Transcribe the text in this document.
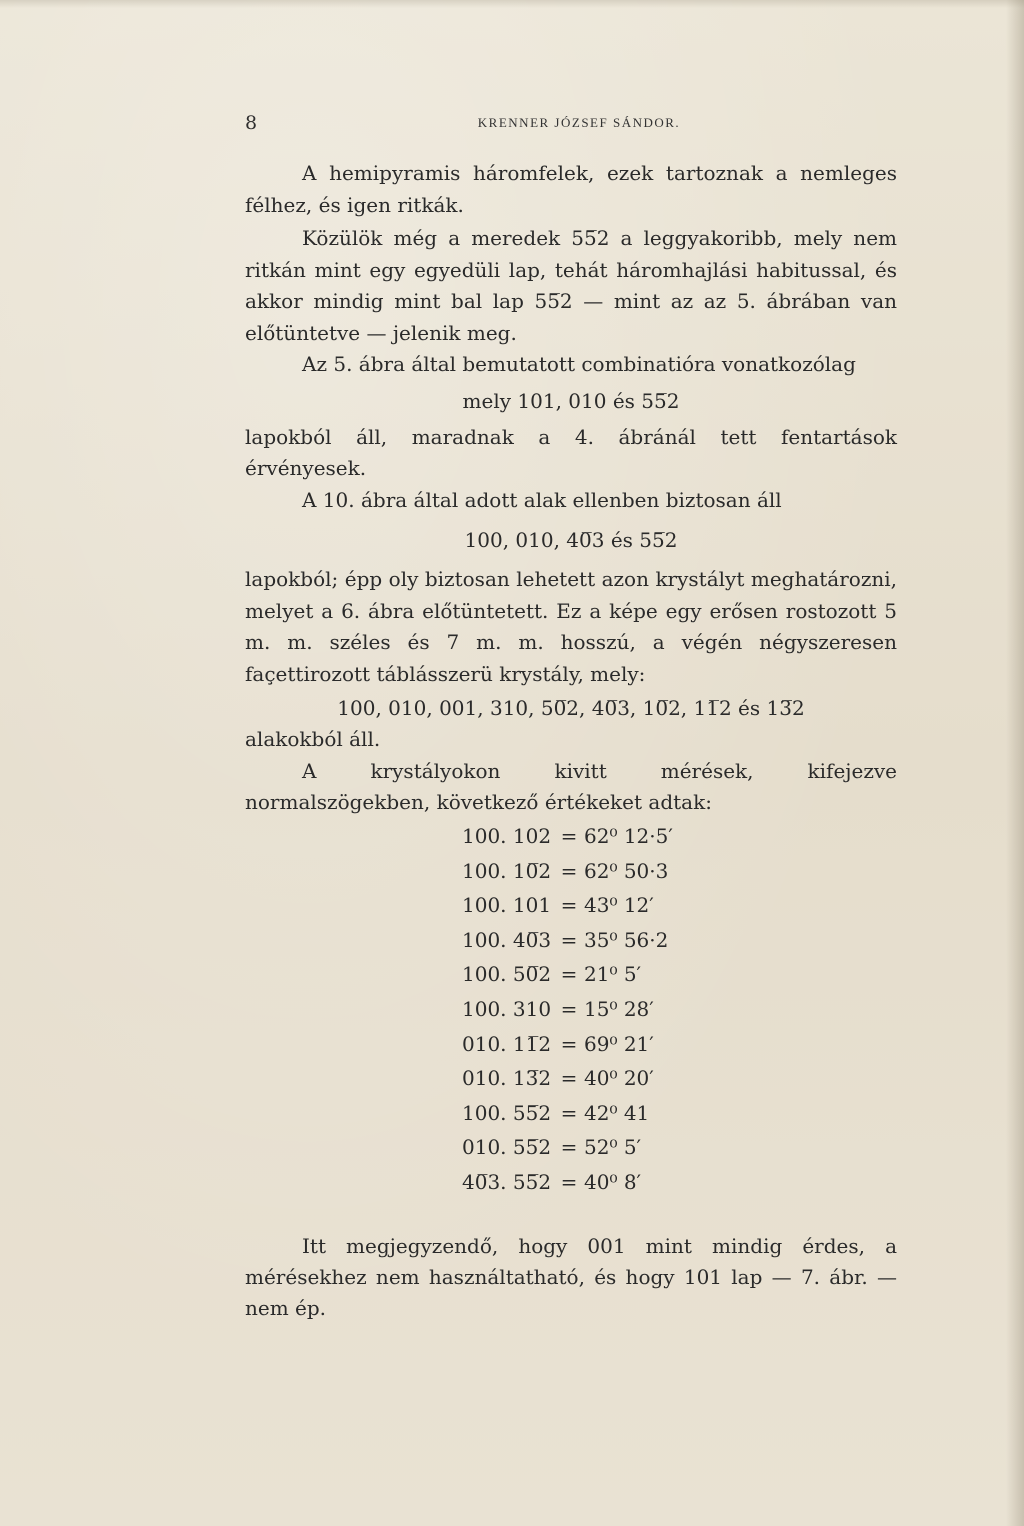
8	KRENNER JÓZSEF SÁNDOR.

A hemipyramis háromfelek, ezek tartoznak a nemleges félhez, és igen ritkák.

Közülök még a meredek 55̅2 a leggyakoribb, mely nem ritkán mint egy egyedüli lap, tehát háromhajlási habitussal, és akkor mindig mint bal lap 55̅2 — mint az az 5. ábrában van előtüntetve — jelenik meg.

Az 5. ábra által bemutatott combinatióra vonatkozólag

mely 101, 010 és 55̅2

lapokból áll, maradnak a 4. ábránál tett fentartások érvényesek.

A 10. ábra által adott alak ellenben biztosan áll

100, 010, 40̅3 és 55̅2

lapokból; épp oly biztosan lehetett azon krystályt meghatározni, melyet a 6. ábra előtüntetett. Ez a képe egy erősen rostozott 5 m. m. széles és 7 m. m. hosszú, a végén négyszeresen façettirozott táblásszerü krystály, mely:

100, 010, 001, 310, 50̅2, 40̅3, 10̅2, 11̅2 és 13̅2

alakokból áll.

A krystályokon kivitt mérések, kifejezve normalszögekben, következő értékeket adtak:

100. 102 = 62⁰ 12·5′
100. 10̅2 = 62⁰ 50·3
100. 101 = 43⁰ 12′
100. 40̅3 = 35⁰ 56·2
100. 50̅2 = 21⁰ 5′
100. 310 = 15⁰ 28′
010. 11̅2 = 69⁰ 21′
010. 13̅2 = 40⁰ 20′
100. 55̅2 = 42⁰ 41
010. 55̅2 = 52⁰ 5′
40̅3. 55̅2 = 40⁰ 8′

Itt megjegyzendő, hogy 001 mint mindig érdes, a mérésekhez nem használtatható, és hogy 101 lap — 7. ábr. — nem ép.
